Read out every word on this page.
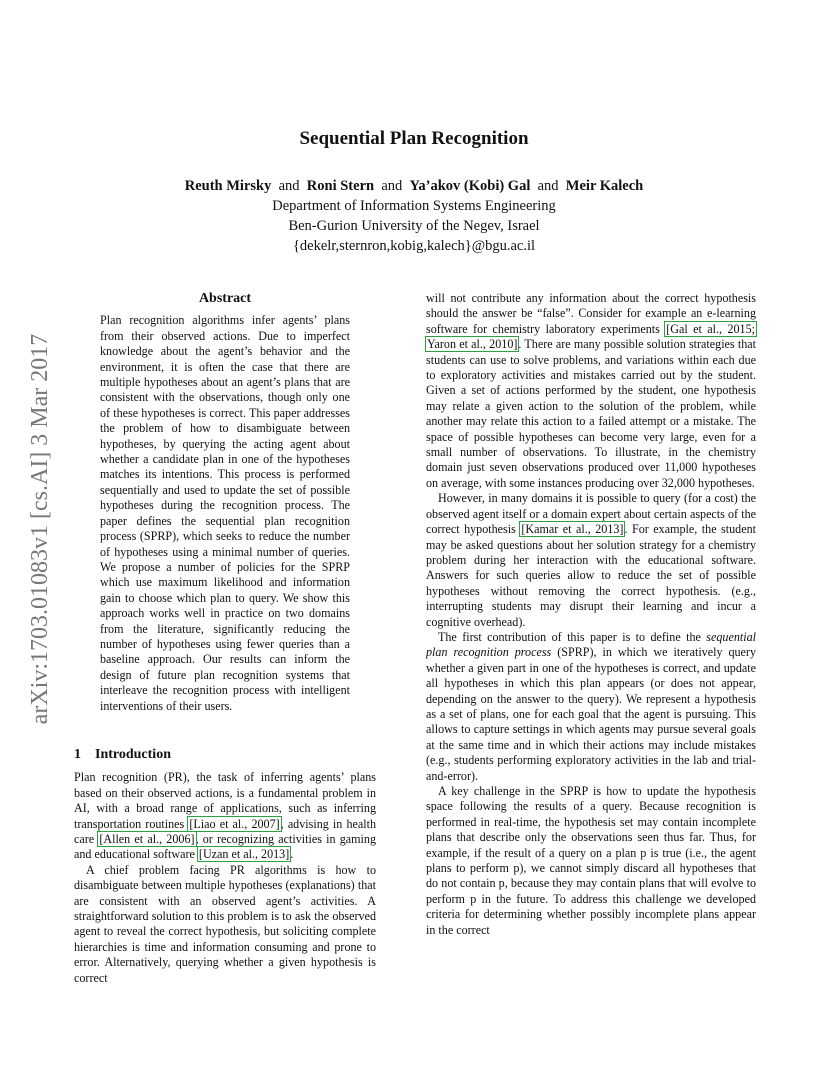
arXiv:1703.01083v1 [cs.AI] 3 Mar 2017
Sequential Plan Recognition
Reuth Mirsky and Roni Stern and Ya’akov (Kobi) Gal and Meir Kalech

Department of Information Systems Engineering

Ben-Gurion University of the Negev, Israel

{dekelr,sternron,kobig,kalech}@bgu.ac.il

Abstract

Plan recognition algorithms infer agents’ plans from their observed actions. Due to imperfect knowledge about the agent’s behavior and the environment, it is often the case that there are multiple hypotheses about an agent’s plans that are consistent with the observations, though only one of these hypotheses is correct. This paper addresses the problem of how to disambiguate between hypotheses, by querying the acting agent about whether a candidate plan in one of the hypotheses matches its intentions. This process is performed sequentially and used to update the set of possible hypotheses during the recognition process. The paper defines the sequential plan recognition process (SPRP), which seeks to reduce the number of hypotheses using a minimal number of queries. We propose a number of policies for the SPRP which use maximum likelihood and information gain to choose which plan to query. We show this approach works well in practice on two domains from the literature, significantly reducing the number of hypotheses using fewer queries than a baseline approach. Our results can inform the design of future plan recognition systems that interleave the recognition process with intelligent interventions of their users.

1 Introduction

Plan recognition (PR), the task of inferring agents’ plans based on their observed actions, is a fundamental problem in AI, with a broad range of applications, such as inferring transportation routines [Liao et al., 2007], advising in health care [Allen et al., 2006], or recognizing activities in gaming and educational software [Uzan et al., 2013].

A chief problem facing PR algorithms is how to disambiguate between multiple hypotheses (explanations) that are consistent with an observed agent’s activities. A straightforward solution to this problem is to ask the observed agent to reveal the correct hypothesis, but soliciting complete hierarchies is time and information consuming and prone to error. Alternatively, querying whether a given hypothesis is correct

will not contribute any information about the correct hypothesis should the answer be “false”. Consider for example an e-learning software for chemistry laboratory experiments [Gal et al., 2015; Yaron et al., 2010]. There are many possible solution strategies that students can use to solve problems, and variations within each due to exploratory activities and mistakes carried out by the student. Given a set of actions performed by the student, one hypothesis may relate a given action to the solution of the problem, while another may relate this action to a failed attempt or a mistake. The space of possible hypotheses can become very large, even for a small number of observations. To illustrate, in the chemistry domain just seven observations produced over 11,000 hypotheses on average, with some instances producing over 32,000 hypotheses.

However, in many domains it is possible to query (for a cost) the observed agent itself or a domain expert about certain aspects of the correct hypothesis [Kamar et al., 2013]. For example, the student may be asked questions about her solution strategy for a chemistry problem during her interaction with the educational software. Answers for such queries allow to reduce the set of possible hypotheses without removing the correct hypothesis. (e.g., interrupting students may disrupt their learning and incur a cognitive overhead).

The first contribution of this paper is to define the sequential plan recognition process (SPRP), in which we iteratively query whether a given part in one of the hypotheses is correct, and update all hypotheses in which this plan appears (or does not appear, depending on the answer to the query). We represent a hypothesis as a set of plans, one for each goal that the agent is pursuing. This allows to capture settings in which agents may pursue several goals at the same time and in which their actions may include mistakes (e.g., students performing exploratory activities in the lab and trial-and-error).

A key challenge in the SPRP is how to update the hypothesis space following the results of a query. Because recognition is performed in real-time, the hypothesis set may contain incomplete plans that describe only the observations seen thus far. Thus, for example, if the result of a query on a plan p is true (i.e., the agent plans to perform p), we cannot simply discard all hypotheses that do not contain p, because they may contain plans that will evolve to perform p in the future. To address this challenge we developed criteria for determining whether possibly incomplete plans appear in the correct
